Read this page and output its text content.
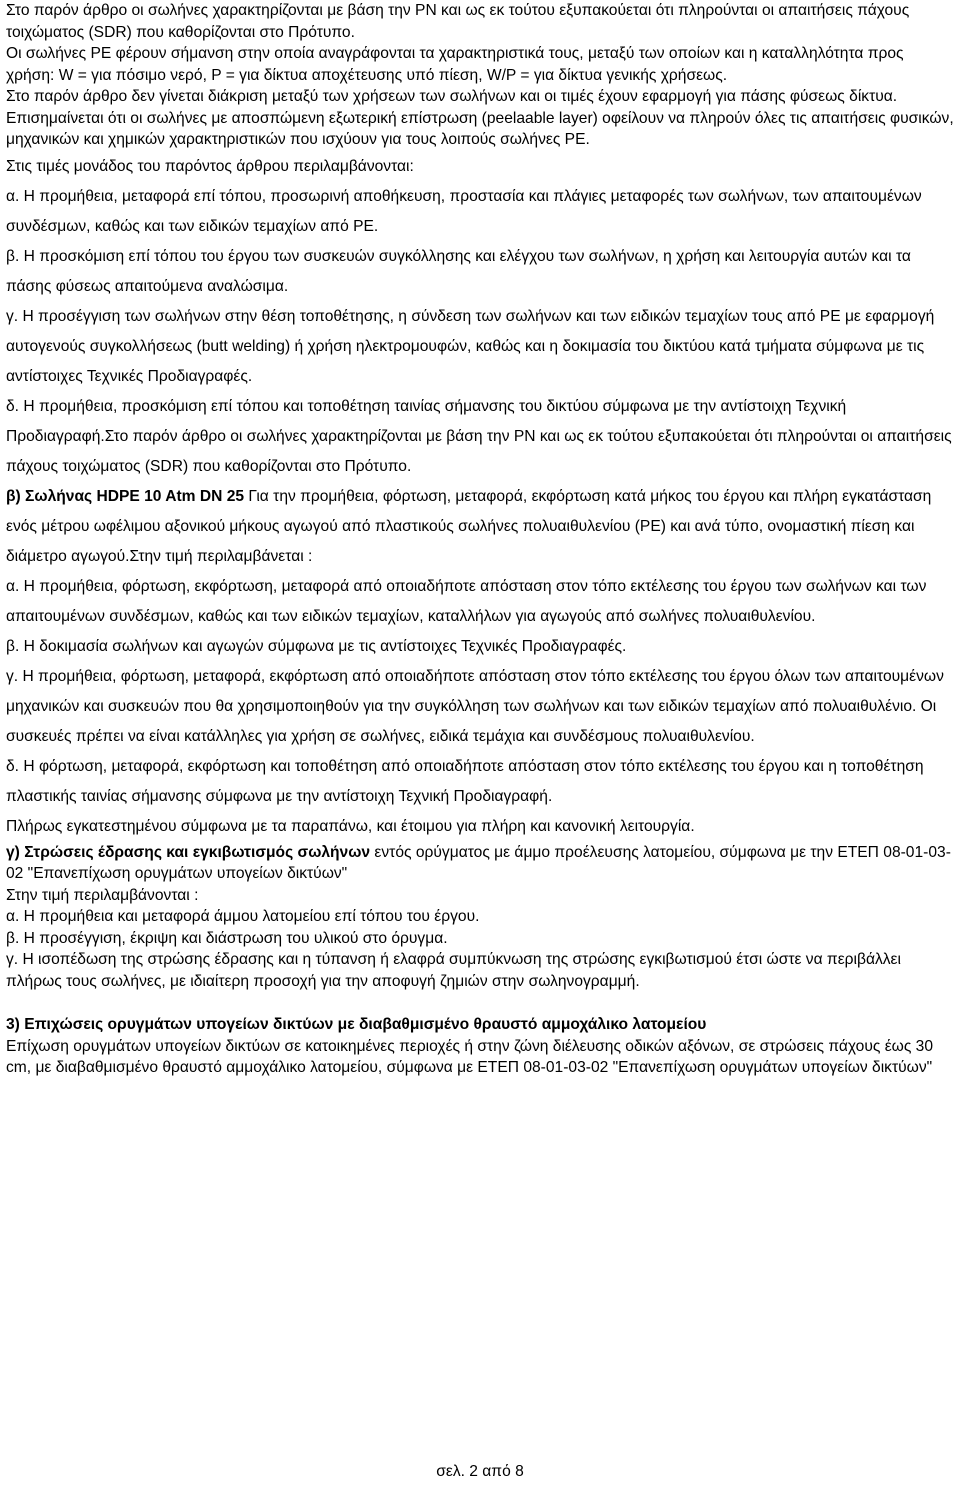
Στο παρόν άρθρο οι σωλήνες χαρακτηρίζονται με βάση την PN και ως εκ τούτου εξυπακούεται ότι πληρούνται οι απαιτήσεις πάχους τοιχώματος (SDR) που καθορίζονται στο Πρότυπο.

Οι σωλήνες PE φέρουν σήμανση στην οποία αναγράφονται τα χαρακτηριστικά τους, μεταξύ των οποίων και η καταλληλότητα προς χρήση: W = για πόσιμο νερό, P = για δίκτυα αποχέτευσης υπό πίεση, W/P = για δίκτυα γενικής χρήσεως.

Στο παρόν άρθρο δεν γίνεται διάκριση μεταξύ των χρήσεων των σωλήνων και οι τιμές έχουν εφαρμογή για πάσης φύσεως δίκτυα.

Επισημαίνεται ότι οι σωλήνες με αποσπώμενη εξωτερική επίστρωση (peelaable layer) οφείλουν να πληρούν όλες τις απαιτήσεις φυσικών, μηχανικών και χημικών χαρακτηριστικών που ισχύουν για τους λοιπούς σωλήνες PE.

Στις τιμές μονάδος του παρόντος άρθρου περιλαμβάνονται:

α. Η προμήθεια, μεταφορά επί τόπου, προσωρινή αποθήκευση, προστασία και πλάγιες μεταφορές των σωλήνων, των απαιτουμένων συνδέσμων, καθώς και των ειδικών τεμαχίων από PE.

β. Η προσκόμιση επί τόπου του έργου των συσκευών συγκόλλησης και ελέγχου των σωλήνων, η χρήση και λειτουργία αυτών και τα πάσης φύσεως απαιτούμενα αναλώσιμα.

γ. Η προσέγγιση των σωλήνων στην θέση τοποθέτησης, η σύνδεση των σωλήνων και των ειδικών τεμαχίων τους από PE με εφαρμογή αυτογενούς συγκολλήσεως (butt welding) ή χρήση ηλεκτρομουφών, καθώς και η δοκιμασία του δικτύου κατά τμήματα σύμφωνα με τις αντίστοιχες Τεχνικές Προδιαγραφές.

δ. Η προμήθεια, προσκόμιση επί τόπου και τοποθέτηση ταινίας σήμανσης του δικτύου σύμφωνα με την αντίστοιχη Τεχνική Προδιαγραφή.Στο παρόν άρθρο οι σωλήνες χαρακτηρίζονται με βάση την PN και ως εκ τούτου εξυπακούεται ότι πληρούνται οι απαιτήσεις πάχους τοιχώματος (SDR) που καθορίζονται στο Πρότυπο.

β) Σωλήνας HDPE 10 Atm DN 25 Για την προμήθεια, φόρτωση, μεταφορά, εκφόρτωση κατά μήκος του έργου και πλήρη εγκατάσταση ενός μέτρου ωφέλιμου αξονικού μήκους αγωγού από πλαστικούς σωλήνες πολυαιθυλενίου (PE) και ανά τύπο, ονομαστική πίεση και διάμετρο αγωγού.Στην τιμή περιλαμβάνεται :

α. Η προμήθεια, φόρτωση, εκφόρτωση, μεταφορά από οποιαδήποτε απόσταση στον τόπο εκτέλεσης του έργου των σωλήνων και των απαιτουμένων συνδέσμων, καθώς και των ειδικών τεμαχίων, καταλλήλων για αγωγούς από σωλήνες πολυαιθυλενίου.

β. Η δοκιμασία σωλήνων και αγωγών σύμφωνα με τις αντίστοιχες Τεχνικές Προδιαγραφές.

γ. Η προμήθεια, φόρτωση, μεταφορά, εκφόρτωση από οποιαδήποτε απόσταση στον τόπο εκτέλεσης του έργου όλων των απαιτουμένων μηχανικών και συσκευών που θα χρησιμοποιηθούν για την συγκόλληση των σωλήνων και των ειδικών τεμαχίων από πολυαιθυλένιο. Οι συσκευές πρέπει να είναι κατάλληλες για χρήση σε σωλήνες, ειδικά τεμάχια και συνδέσμους πολυαιθυλενίου.

δ. Η φόρτωση, μεταφορά, εκφόρτωση και τοποθέτηση από οποιαδήποτε απόσταση στον τόπο εκτέλεσης του έργου και η τοποθέτηση πλαστικής ταινίας σήμανσης σύμφωνα με την αντίστοιχη Τεχνική Προδιαγραφή.

Πλήρως εγκατεστημένου σύμφωνα με τα παραπάνω, και έτοιμου για πλήρη και κανονική λειτουργία.

γ) Στρώσεις έδρασης και εγκιβωτισμός σωλήνων εντός ορύγματος με άμμο προέλευσης λατομείου, σύμφωνα με την ΕΤΕΠ 08-01-03-02 "Επανεπίχωση ορυγμάτων υπογείων δικτύων"

Στην τιμή περιλαμβάνονται :

α. Η προμήθεια και μεταφορά άμμου λατομείου επί τόπου του έργου.

β. Η προσέγγιση, έκριψη και διάστρωση του υλικού στο όρυγμα.

γ. Η ισοπέδωση της στρώσης έδρασης και η τύπανση ή ελαφρά συμπύκνωση της στρώσης εγκιβωτισμού έτσι ώστε να περιβάλλει πλήρως τους σωλήνες, με ιδιαίτερη προσοχή για την αποφυγή ζημιών στην σωληνογραμμή.

3) Επιχώσεις ορυγμάτων υπογείων δικτύων με διαβαθμισμένο θραυστό αμμοχάλικο λατομείου

Επίχωση ορυγμάτων υπογείων δικτύων σε κατοικημένες περιοχές ή στην ζώνη διέλευσης οδικών αξόνων, σε στρώσεις πάχους έως 30 cm, με διαβαθμισμένο θραυστό αμμοχάλικο λατομείου, σύμφωνα με ΕΤΕΠ 08-01-03-02 "Επανεπίχωση ορυγμάτων υπογείων δικτύων"

σελ. 2 από 8
